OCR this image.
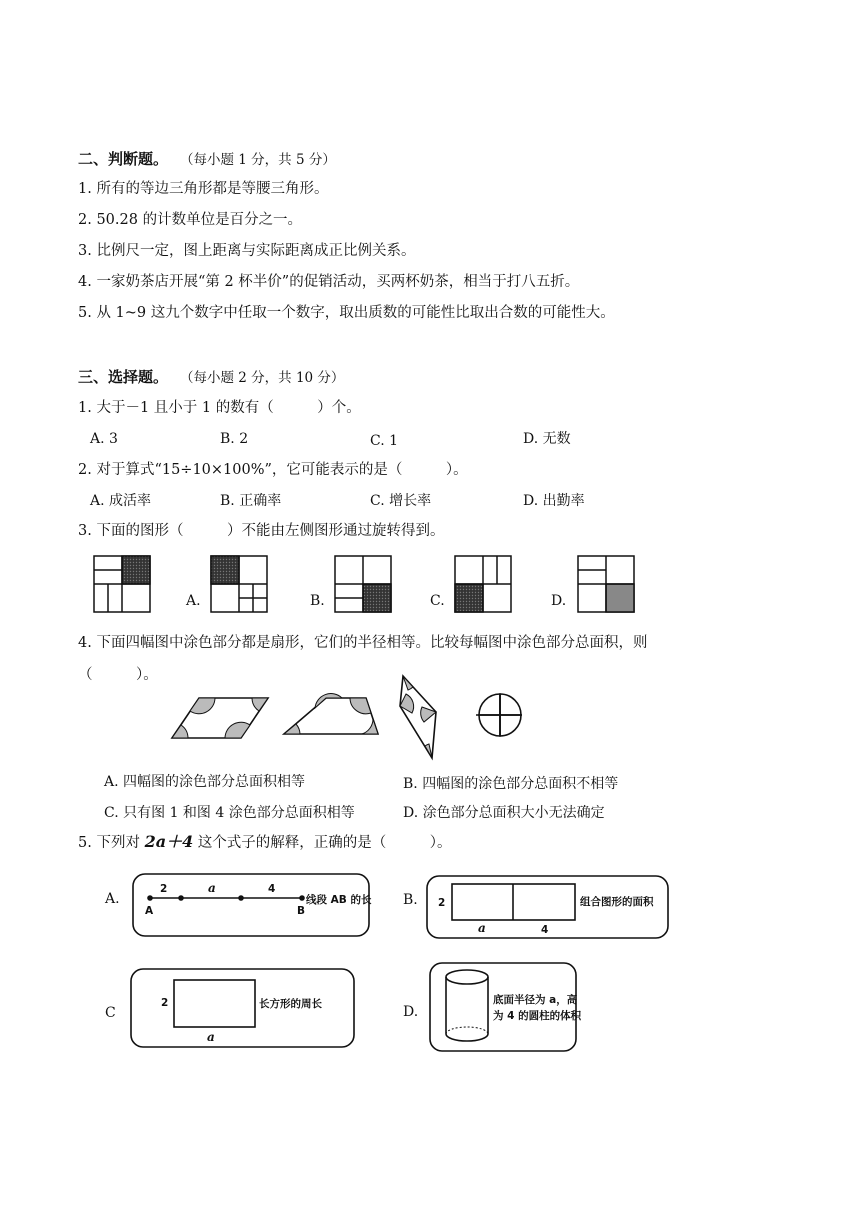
二、判断题。 （每小题 1 分，共 5 分）
1. 所有的等边三角形都是等腰三角形。
2. 50.28 的计数单位是百分之一。
3. 比例尺一定，图上距离与实际距离成正比例关系。
4. 一家奶茶店开展“第 2 杯半价”的促销活动，买两杯奶茶，相当于打八五折。
5. 从 1~9 这九个数字中任取一个数字，取出质数的可能性比取出合数的可能性大。
三、选择题。 （每小题 2 分，共 10 分）
1. 大于－1 且小于 1 的数有（　　　）个。
A. 3	B. 2	C. 1	D. 无数
2. 对于算式“15÷10×100%”，它可能表示的是（　　　）。
A. 成活率	B. 正确率	C. 增长率	D. 出勤率
3. 下面的图形（　　　）不能由左侧图形通过旋转得到。
A.	B.	C.	D.
4. 下面四幅图中涂色部分都是扇形，它们的半径相等。比较每幅图中涂色部分总面积，则
（　　　）。
A. 四幅图的涂色部分总面积相等	B. 四幅图的涂色部分总面积不相等
C. 只有图 1 和图 4 涂色部分总面积相等	D. 涂色部分总面积大小无法确定
5. 下列对 2a＋4 这个式子的解释，正确的是（　　　）。
A.
2	a	4
A	B
线段 AB 的长 B. 2
a	4
组合图形的面积
C
2
a
长方形的周长	D.
底面半径为 a，高
为 4 的圆柱的体积
